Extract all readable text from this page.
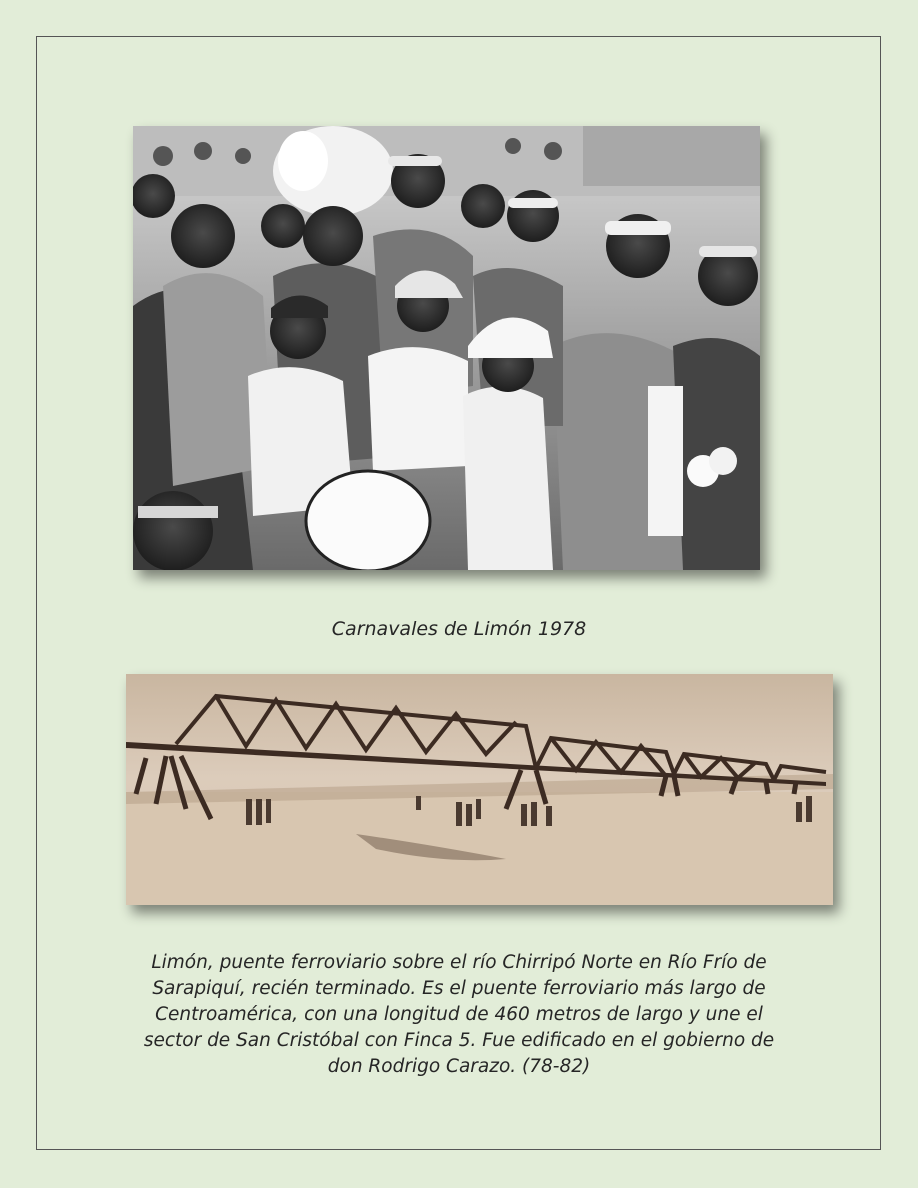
Carnavales de Limón 1978
Limón, puente ferroviario sobre el río Chirripó Norte en Río Frío de
Sarapiquí, recién terminado. Es el puente ferroviario más largo de
Centroamérica, con una longitud de 460 metros de largo y une el
sector de San Cristóbal con Finca 5. Fue edificado en el gobierno de
don Rodrigo Carazo. (78-82)
